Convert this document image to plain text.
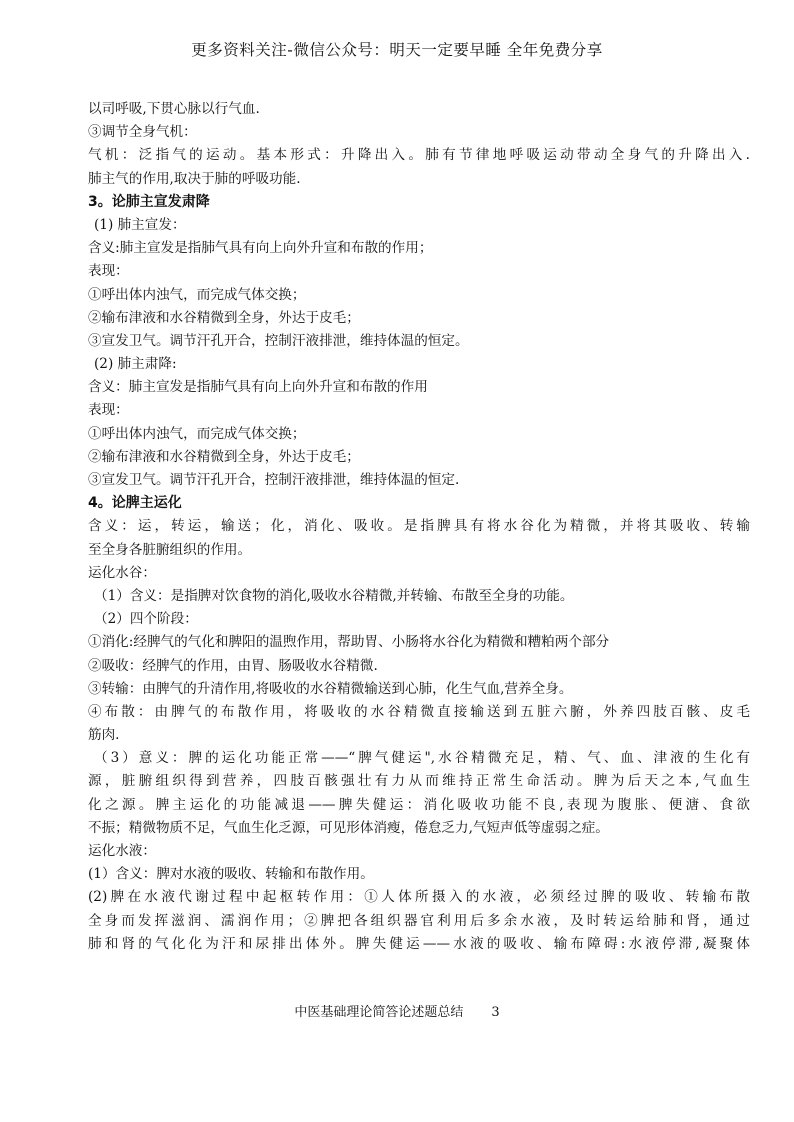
更多资料关注-微信公众号：明天一定要早睡 全年免费分享
以司呼吸,下贯心脉以行气血.
③调节全身气机：
气机：泛指气的运动。基本形式：升降出入。肺有节律地呼吸运动带动全身气的升降出入.
肺主气的作用,取决于肺的呼吸功能.
3。论肺主宣发肃降
(1) 肺主宣发：
含义:肺主宣发是指肺气具有向上向外升宣和布散的作用；
表现：
①呼出体内浊气，而完成气体交换；
②输布津液和水谷精微到全身，外达于皮毛；
③宣发卫气。调节汗孔开合，控制汗液排泄，维持体温的恒定。
(2) 肺主肃降:
含义：肺主宣发是指肺气具有向上向外升宣和布散的作用
表现：
①呼出体内浊气，而完成气体交换；
②输布津液和水谷精微到全身，外达于皮毛；
③宣发卫气。调节汗孔开合，控制汗液排泄，维持体温的恒定.
4。论脾主运化
含义：运，转运，输送；化，消化、吸收。是指脾具有将水谷化为精微，并将其吸收、转输
至全身各脏腑组织的作用。
运化水谷：
（1）含义：是指脾对饮食物的消化,吸收水谷精微,并转输、布散至全身的功能。
（2）四个阶段：
①消化:经脾气的气化和脾阳的温煦作用，帮助胃、小肠将水谷化为精微和糟粕两个部分
②吸收：经脾气的作用，由胃、肠吸收水谷精微.
③转输：由脾气的升清作用,将吸收的水谷精微输送到心肺，化生气血,营养全身。
④布散：由脾气的布散作用，将吸收的水谷精微直接输送到五脏六腑，外养四肢百骸、皮毛
筋肉.
（3）意义：脾的运化功能正常——“脾气健运",水谷精微充足，精、气、血、津液的生化有
源，脏腑组织得到营养，四肢百骸强壮有力从而维持正常生命活动。脾为后天之本,气血生
化之源。脾主运化的功能减退——脾失健运：消化吸收功能不良,表现为腹胀、便溏、食欲
不振；精微物质不足，气血生化乏源，可见形体消瘦，倦怠乏力,气短声低等虚弱之症。
运化水液：
(1）含义：脾对水液的吸收、转输和布散作用。
(2)脾在水液代谢过程中起枢转作用：①人体所摄入的水液，必须经过脾的吸收、转输布散
全身而发挥滋润、濡润作用；②脾把各组织器官利用后多余水液，及时转运给肺和肾，通过
肺和肾的气化化为汗和尿排出体外。脾失健运——水液的吸收、输布障碍:水液停滞,凝聚体
中医基础理论简答论述题总结 3
